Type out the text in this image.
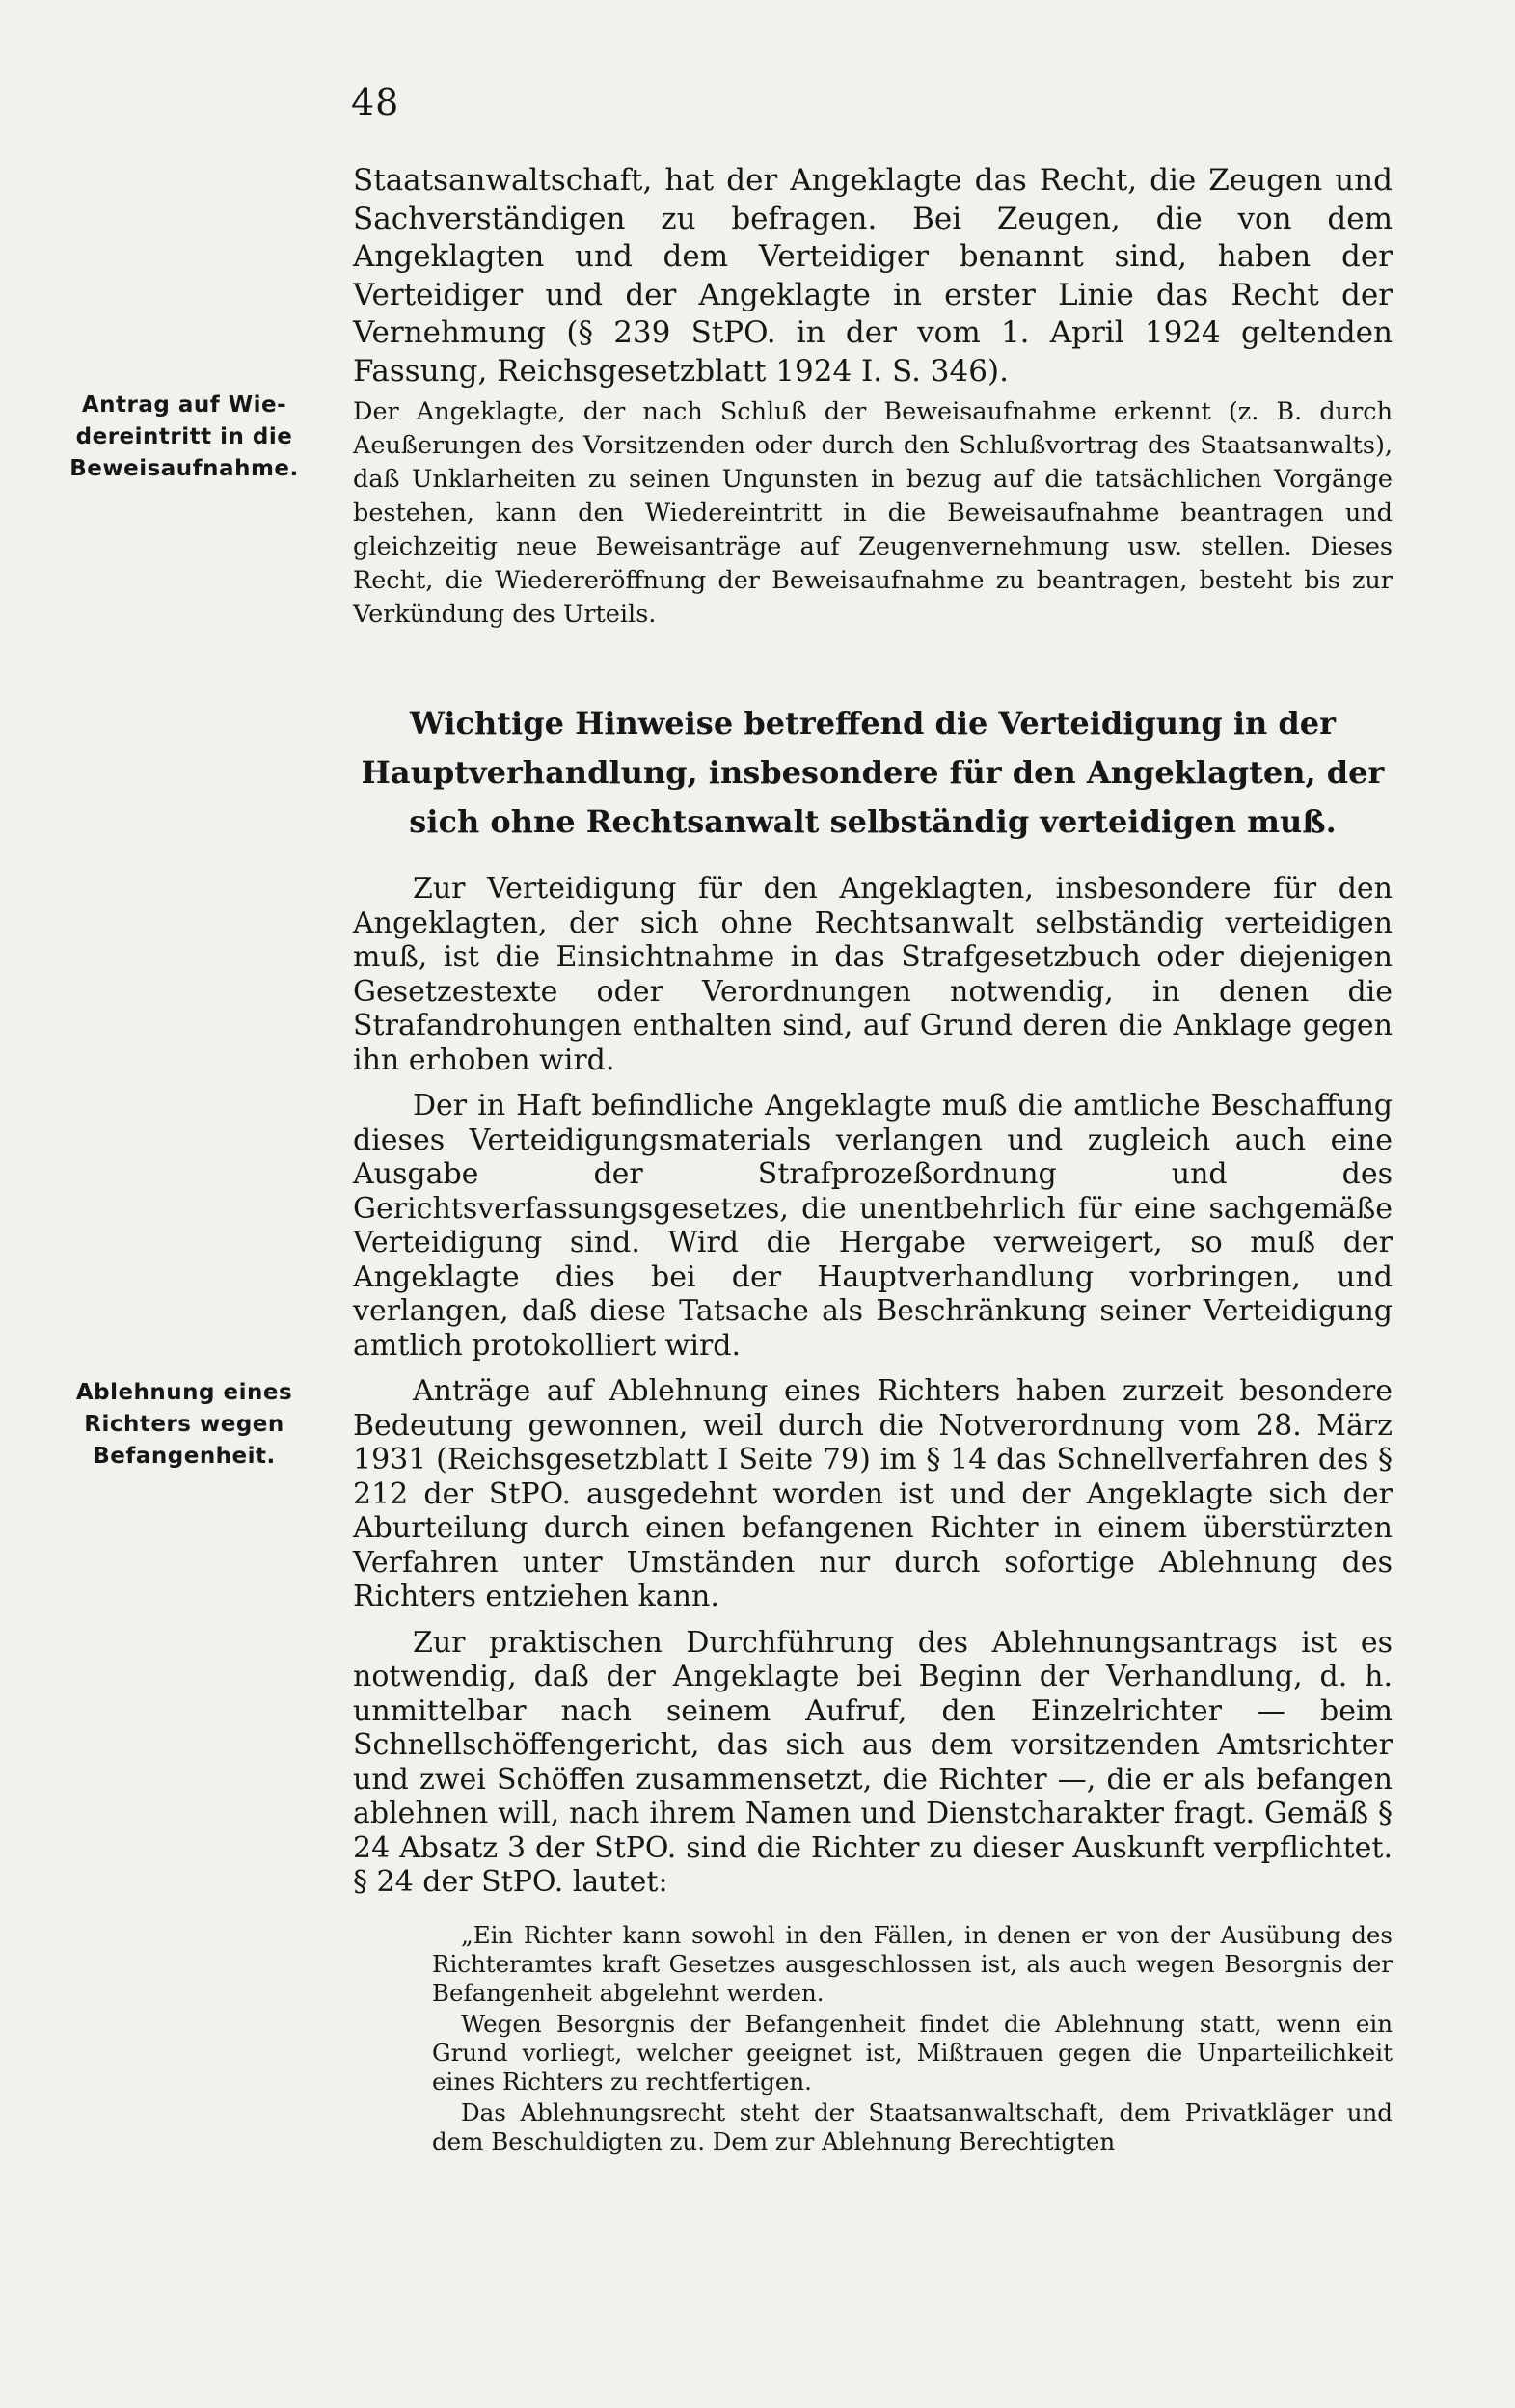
48
Antrag auf Wie-
dereintritt in die
Beweisaufnahme.
Ablehnung eines
Richters wegen
Befangenheit.

Staatsanwaltschaft, hat der Angeklagte das Recht, die Zeugen und Sachverständigen zu befragen. Bei Zeugen, die von dem Angeklagten und dem Verteidiger benannt sind, haben der Verteidiger und der Angeklagte in erster Linie das Recht der Vernehmung (§ 239 StPO. in der vom 1. April 1924 geltenden Fassung, Reichsgesetzblatt 1924 I. S. 346).

Der Angeklagte, der nach Schluß der Beweisaufnahme erkennt (z. B. durch Aeußerungen des Vorsitzenden oder durch den Schlußvortrag des Staatsanwalts), daß Unklarheiten zu seinen Ungunsten in bezug auf die tatsächlichen Vorgänge bestehen, kann den Wiedereintritt in die Beweisaufnahme beantragen und gleichzeitig neue Beweisanträge auf Zeugenvernehmung usw. stellen. Dieses Recht, die Wiedereröffnung der Beweisaufnahme zu beantragen, besteht bis zur Verkündung des Urteils.

Wichtige Hinweise betreffend die Verteidigung in der Hauptverhandlung, insbesondere für den Angeklagten, der sich ohne Rechtsanwalt selbständig verteidigen muß.

Zur Verteidigung für den Angeklagten, insbesondere für den Angeklagten, der sich ohne Rechtsanwalt selbständig verteidigen muß, ist die Einsichtnahme in das Strafgesetzbuch oder diejenigen Gesetzestexte oder Verordnungen notwendig, in denen die Strafandrohungen enthalten sind, auf Grund deren die Anklage gegen ihn erhoben wird.

Der in Haft befindliche Angeklagte muß die amtliche Beschaffung dieses Verteidigungsmaterials verlangen und zugleich auch eine Ausgabe der Strafprozeßordnung und des Gerichtsverfassungsgesetzes, die unentbehrlich für eine sachgemäße Verteidigung sind. Wird die Hergabe verweigert, so muß der Angeklagte dies bei der Hauptverhandlung vorbringen, und verlangen, daß diese Tatsache als Beschränkung seiner Verteidigung amtlich protokolliert wird.

Anträge auf Ablehnung eines Richters haben zurzeit besondere Bedeutung gewonnen, weil durch die Notverordnung vom 28. März 1931 (Reichsgesetzblatt I Seite 79) im § 14 das Schnellverfahren des § 212 der StPO. ausgedehnt worden ist und der Angeklagte sich der Aburteilung durch einen befangenen Richter in einem überstürzten Verfahren unter Umständen nur durch sofortige Ablehnung des Richters entziehen kann.

Zur praktischen Durchführung des Ablehnungsantrags ist es notwendig, daß der Angeklagte bei Beginn der Verhandlung, d. h. unmittelbar nach seinem Aufruf, den Einzelrichter — beim Schnellschöffengericht, das sich aus dem vorsitzenden Amtsrichter und zwei Schöffen zusammensetzt, die Richter —, die er als befangen ablehnen will, nach ihrem Namen und Dienstcharakter fragt. Gemäß § 24 Absatz 3 der StPO. sind die Richter zu dieser Auskunft verpflichtet. § 24 der StPO. lautet:

„Ein Richter kann sowohl in den Fällen, in denen er von der Ausübung des Richteramtes kraft Gesetzes ausgeschlossen ist, als auch wegen Besorgnis der Befangenheit abgelehnt werden.

Wegen Besorgnis der Befangenheit findet die Ablehnung statt, wenn ein Grund vorliegt, welcher geeignet ist, Mißtrauen gegen die Unparteilichkeit eines Richters zu rechtfertigen.

Das Ablehnungsrecht steht der Staatsanwaltschaft, dem Privatkläger und dem Beschuldigten zu. Dem zur Ablehnung Berechtigten
